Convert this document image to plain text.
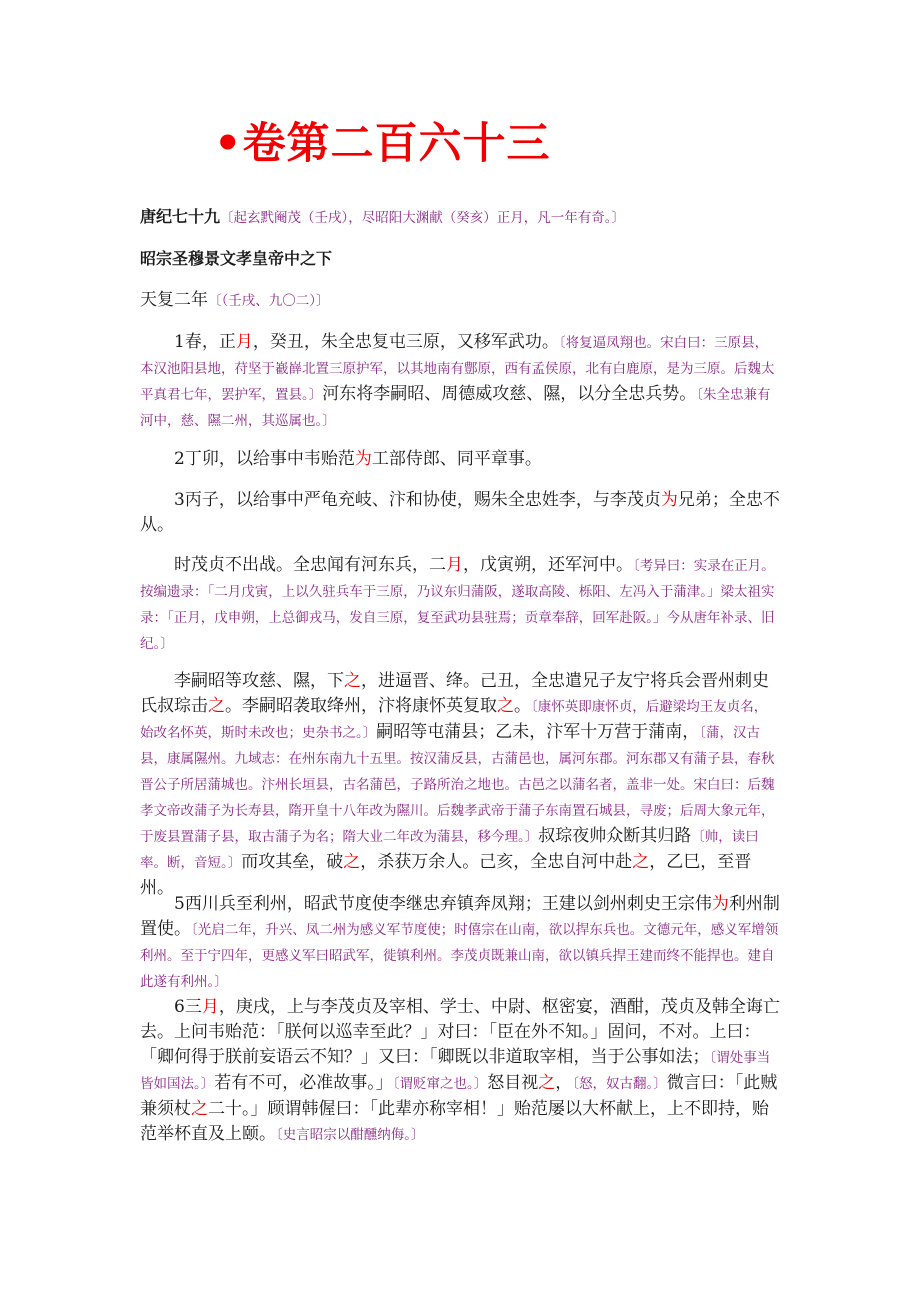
•卷第二百六十三
唐纪七十九〔起玄黓阉茂（壬戌），尽昭阳大渊献（癸亥）正月，凡一年有奇。〕
昭宗圣穆景文孝皇帝中之下
天复二年〔（壬戌、九〇二）〕
1春，正月，癸丑，朱全忠复屯三原，又移军武功。〔将复逼凤翔也。宋白曰：三原县，本汉池阳县地，苻坚于嶻嶭北置三原护军，以其地南有鄷原，西有孟侯原，北有白鹿原，是为三原。后魏太平真君七年，罢护军，置县。〕河东将李嗣昭、周德威攻慈、隰，以分全忠兵势。〔朱全忠兼有河中，慈、隰二州，其巡属也。〕
2丁卯，以给事中韦贻范为工部侍郎、同平章事。
3丙子，以给事中严龟充岐、汴和协使，赐朱全忠姓李，与李茂贞为兄弟；全忠不从。
时茂贞不出战。全忠闻有河东兵，二月，戊寅朔，还军河中。〔考异曰：实录在正月。按编遗录：「二月戊寅，上以久驻兵车于三原，乃议东归蒲阪，遂取高陵、栎阳、左冯入于蒲津。」梁太祖实录：「正月，戊申朔，上总御戎马，发自三原，复至武功县驻焉；贡章奉辞，回军赴阪。」今从唐年补录、旧纪。〕
李嗣昭等攻慈、隰，下之，进逼晋、绛。己丑，全忠遣兄子友宁将兵会晋州刺史氏叔琮击之。李嗣昭袭取绛州，汴将康怀英复取之。〔康怀英即康怀贞，后避梁均王友贞名，始改名怀英，斯时未改也；史杂书之。〕嗣昭等屯蒲县；乙未，汴军十万营于蒲南，〔蒲，汉古县，康属隰州。九域志：在州东南九十五里。按汉蒲反县，古蒲邑也，属河东郡。河东郡又有蒲子县，春秋晋公子所居蒲城也。汴州长垣县，古名蒲邑，子路所治之地也。古邑之以蒲名者，盖非一处。宋白曰：后魏孝文帝改蒲子为长寿县，隋开皇十八年改为隰川。后魏孝武帝于蒲子东南置石城县，寻废；后周大象元年，于废县置蒲子县，取古蒲子为名；隋大业二年改为蒲县，移今理。〕叔琮夜帅众断其归路〔帅，读曰率。断，音短。〕而攻其垒，破之，杀获万余人。己亥，全忠自河中赴之，乙巳，至晋州。
5西川兵至利州，昭武节度使李继忠弃镇奔凤翔；王建以剑州刺史王宗伟为利州制置使。〔光启二年，升兴、凤二州为感义军节度使；时僖宗在山南，欲以捍东兵也。文德元年，感义军增领利州。至于宁四年，更感义军曰昭武军，徙镇利州。李茂贞既兼山南，欲以镇兵捍王建而终不能捍也。建自此遂有利州。〕
6三月，庚戌，上与李茂贞及宰相、学士、中尉、枢密宴，酒酣，茂贞及韩全诲亡去。上问韦贻范：「朕何以巡幸至此？」对曰：「臣在外不知。」固问，不对。上曰：「卿何得于朕前妄语云不知？」又曰：「卿既以非道取宰相，当于公事如法；〔谓处事当皆如国法。〕若有不可，必准故事。」〔谓贬窜之也。〕怒目视之，〔怒，奴古翻。〕微言曰：「此贼兼须杖之二十。」顾谓韩偓曰：「此辈亦称宰相！」贻范屡以大杯献上，上不即持，贻范举杯直及上颐。〔史言昭宗以酣醺纳侮。〕
